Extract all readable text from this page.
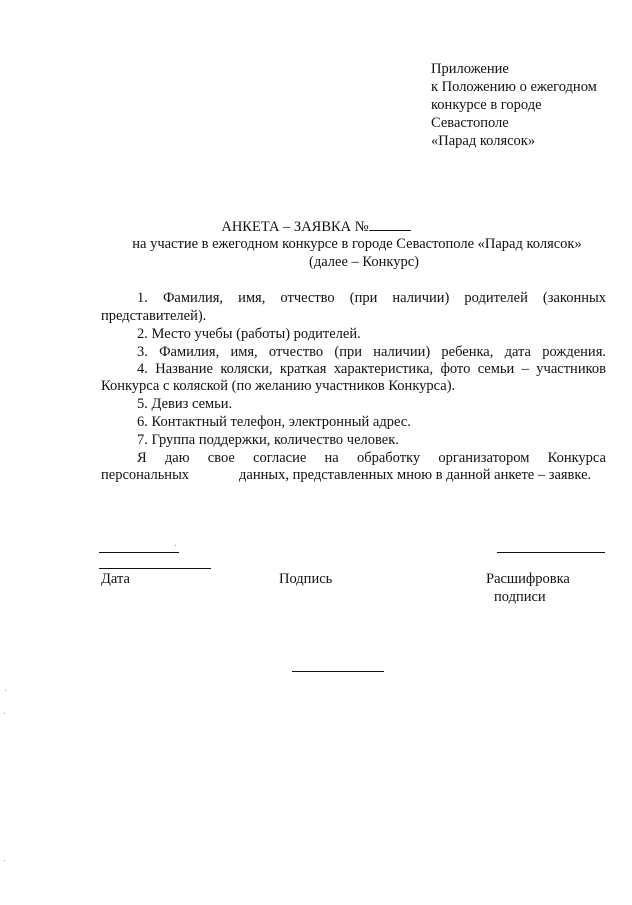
Приложение
к Положению о ежегодном
конкурсе в городе
Севастополе
«Парад колясок»
АНКЕТА – ЗАЯВКА №
на участие в ежегодном конкурсе в городе Севастополе «Парад колясок»
(далее – Конкурс)
1. Фамилия, имя, отчество (при наличии) родителей (законных
представителей).
2. Место учебы (работы) родителей.
3. Фамилия, имя, отчество (при наличии) ребенка, дата рождения.
4. Название коляски, краткая характеристика, фото семьи – участников
Конкурса с коляской (по желанию участников Конкурса).
5. Девиз семьи.
6. Контактный телефон, электронный адрес.
7. Группа поддержки, количество человек.
Я даю свое согласие на обработку организатором Конкурса
персональных	данных, представленных мною в данной анкете – заявке.
Дата	Подпись	Расшифровка
подписи
